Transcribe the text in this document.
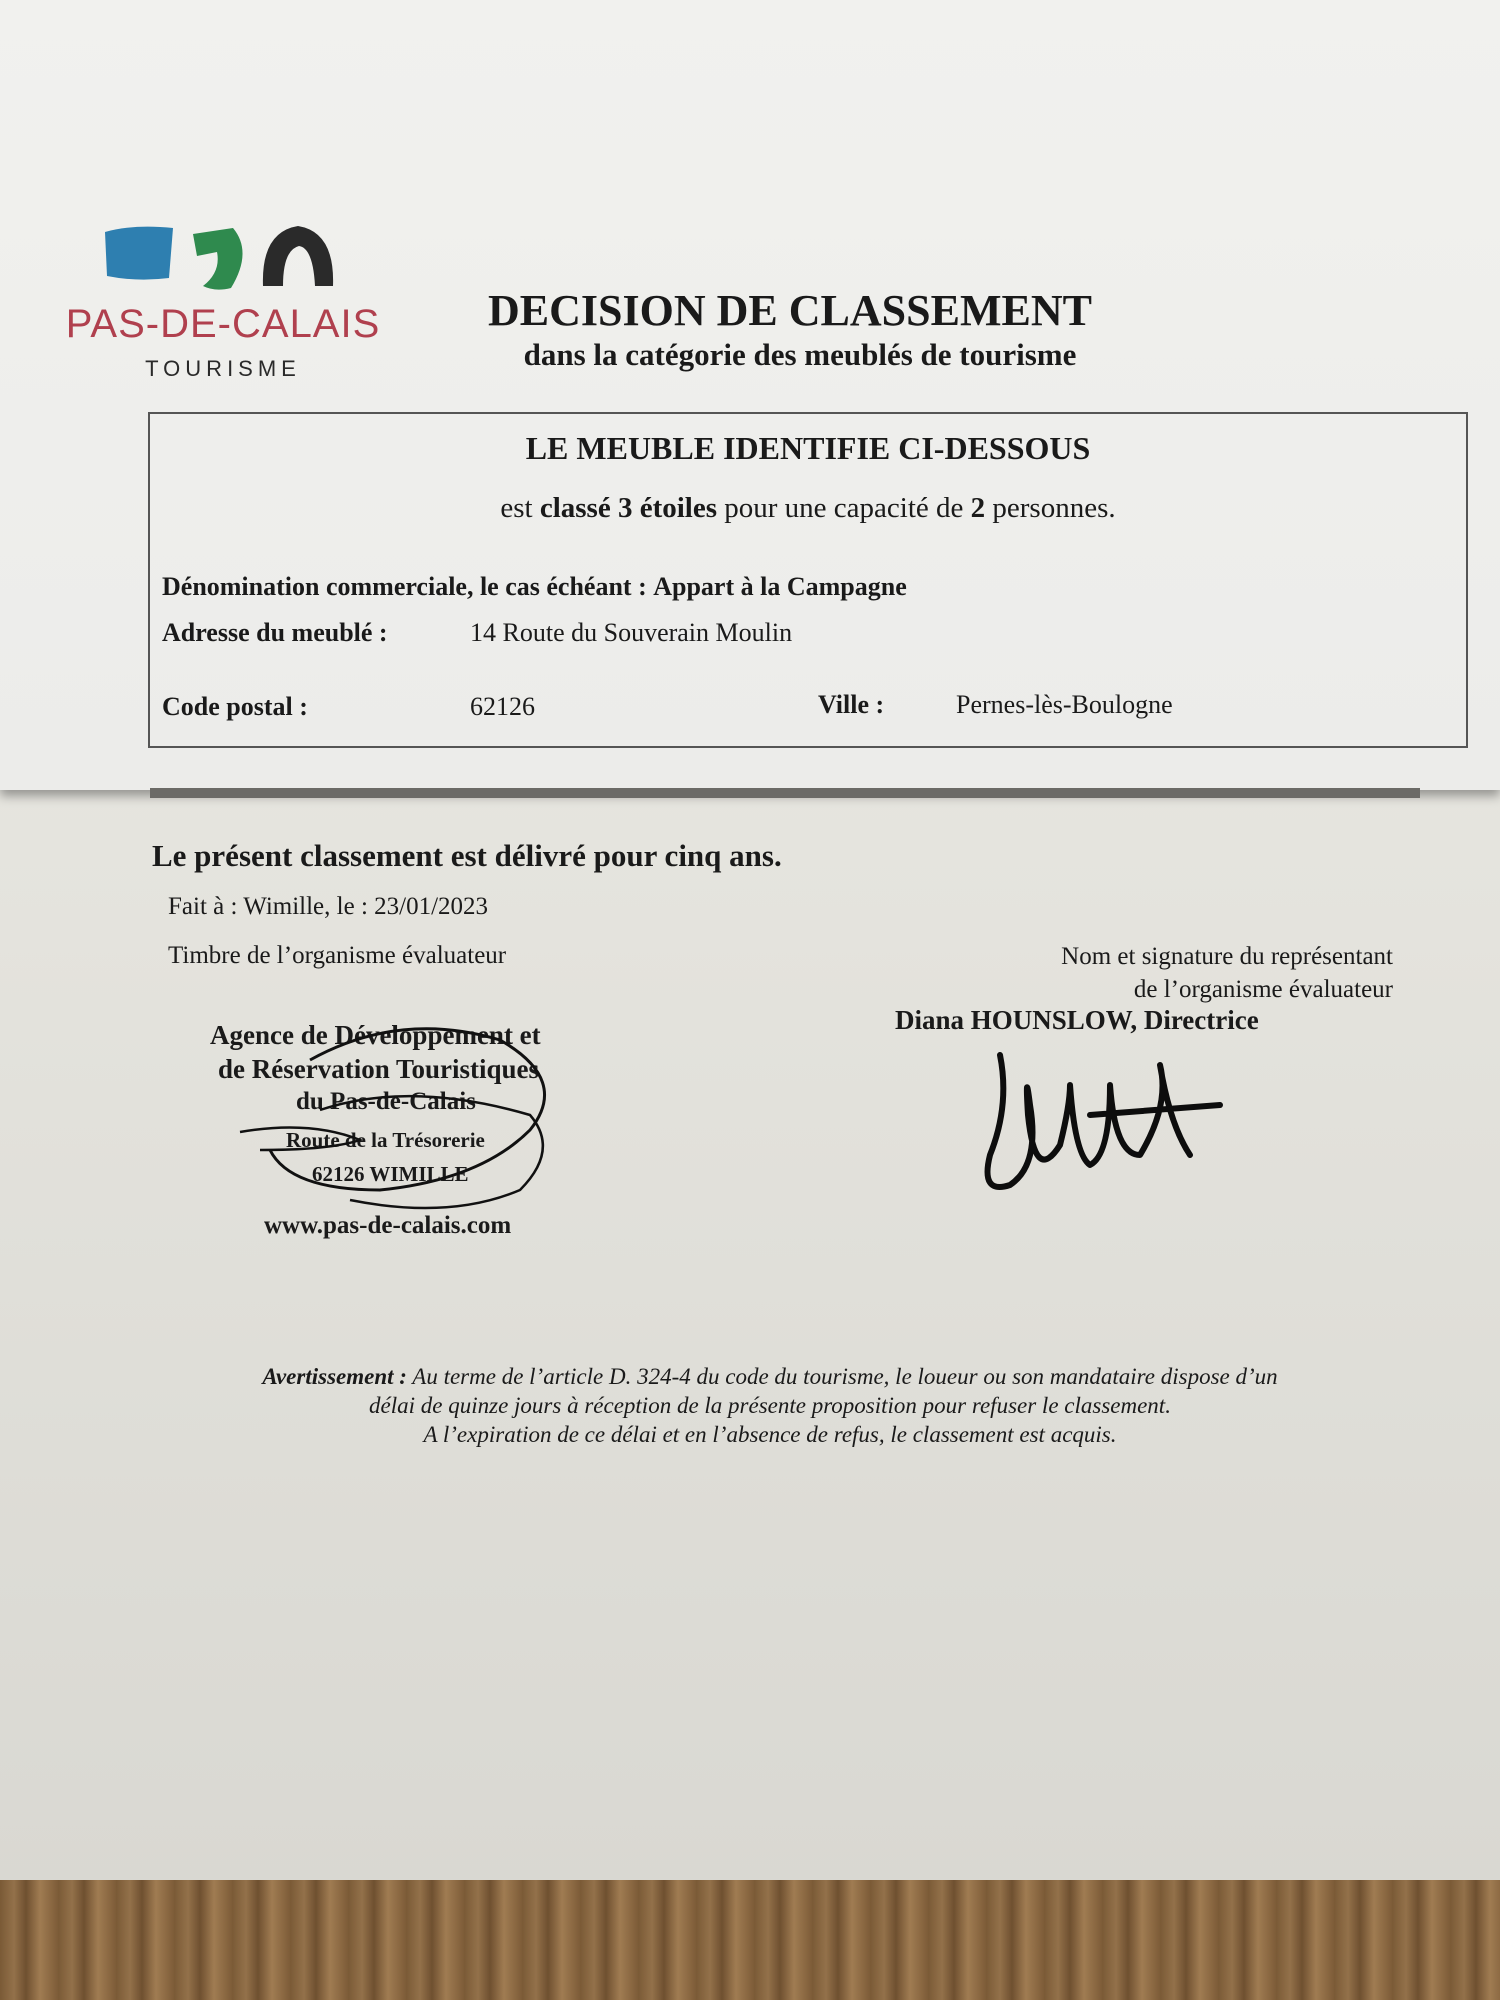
PAS-DE-CALAIS
TOURISME
DECISION DE CLASSEMENT
dans la catégorie des meublés de tourisme
LE MEUBLE IDENTIFIE CI-DESSOUS
est classé 3 étoiles pour une capacité de 2 personnes.
Dénomination commerciale, le cas échéant : Appart à la Campagne
Adresse du meublé :	14 Route du Souverain Moulin
Code postal :	62126	Ville :	Pernes-lès-Boulogne
Le présent classement est délivré pour cinq ans.
Fait à : Wimille, le : 23/01/2023
Timbre de l’organisme évaluateur	Nom et signature du représentant
de l’organisme évaluateur
Diana HOUNSLOW, Directrice
Agence de Développement et
de Réservation Touristiques
du Pas-de-Calais
Route de la Trésorerie
62126 WIMILLE
www.pas-de-calais.com
Avertissement : Au terme de l’article D. 324-4 du code du tourisme, le loueur ou son mandataire dispose d’un
délai de quinze jours à réception de la présente proposition pour refuser le classement.
A l’expiration de ce délai et en l’absence de refus, le classement est acquis.
